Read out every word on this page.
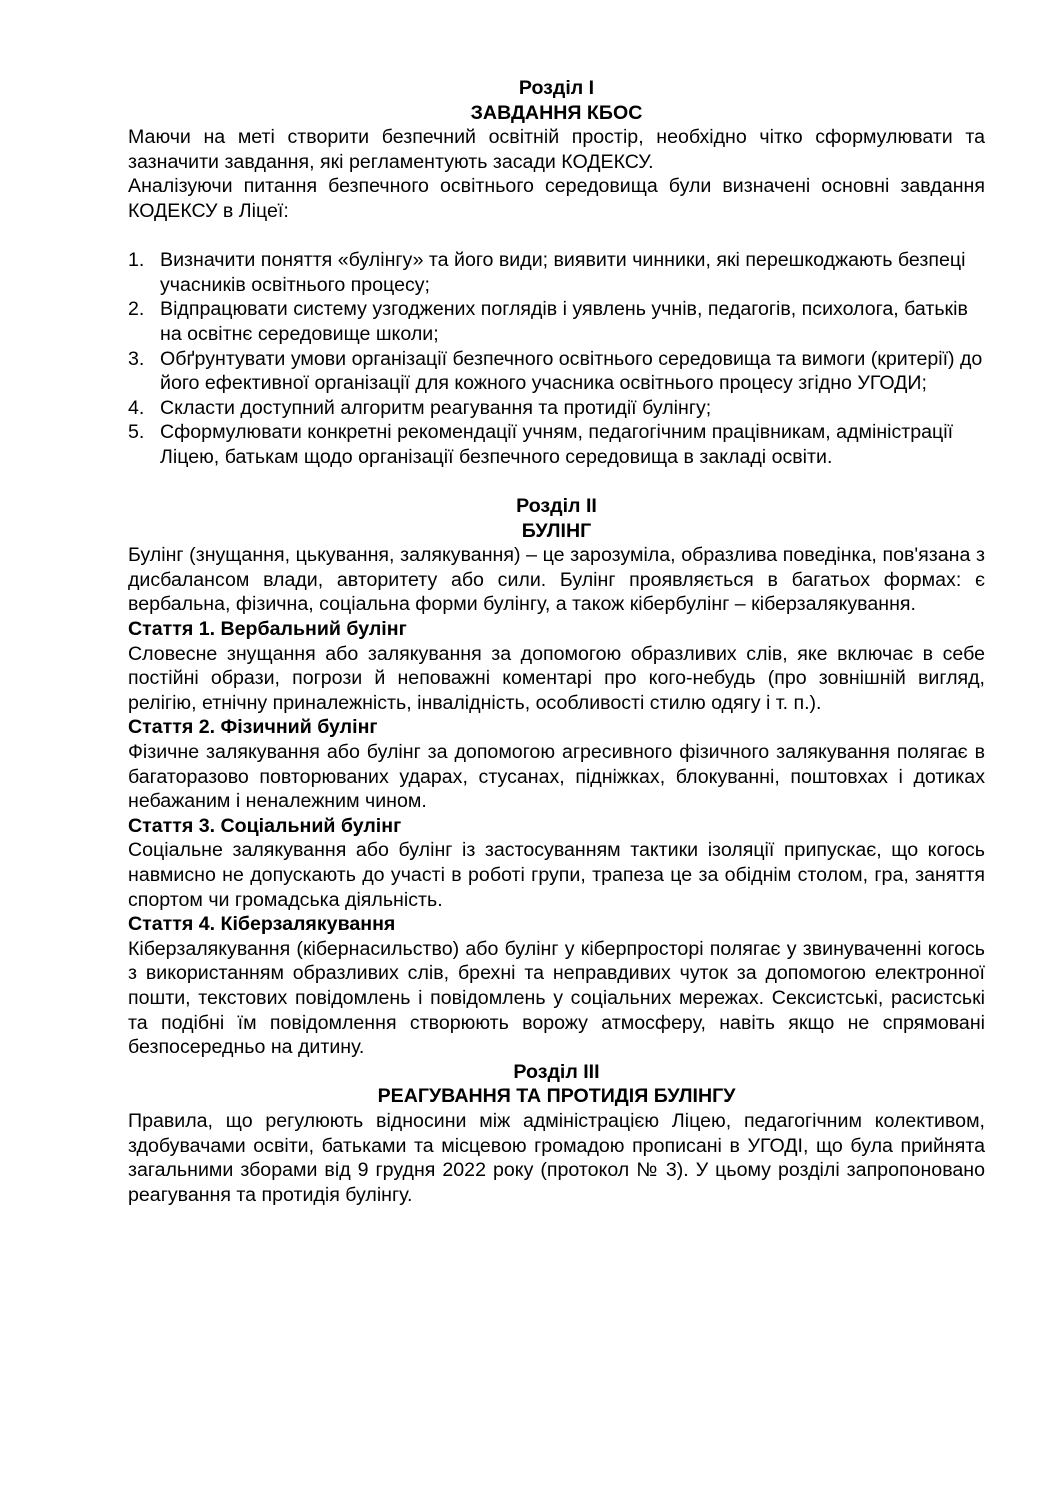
Розділ I

ЗАВДАННЯ КБОС

Маючи на меті створити безпечний освітній простір, необхідно чітко сформулювати та зазначити завдання, які регламентують засади КОДЕКСУ.

Аналізуючи питання безпечного освітнього середовища були визначені основні завдання КОДЕКСУ в Ліцеї:

1. Визначити поняття «булінгу» та його види; виявити чинники, які перешкоджають безпеці учасників освітнього процесу;
2. Відпрацювати систему узгоджених поглядів і уявлень учнів, педагогів, психолога, батьків на освітнє середовище школи;
3. Обґрунтувати умови організації безпечного освітнього середовища та вимоги (критерії) до його ефективної організації для кожного учасника освітнього процесу згідно УГОДИ;
4. Скласти доступний алгоритм реагування та протидії булінгу;
5. Сформулювати конкретні рекомендації учням, педагогічним працівникам, адміністрації Ліцею, батькам щодо організації безпечного середовища в закладі освіти.

Розділ II

БУЛІНГ

Булінг (знущання, цькування, залякування) – це зарозуміла, образлива поведінка, пов'язана з дисбалансом влади, авторитету або сили. Булінг проявляється в багатьох формах: є вербальна, фізична, соціальна форми булінгу, а також кібербулінг – кіберзалякування.

Стаття 1. Вербальний булінг

Словесне знущання або залякування за допомогою образливих слів, яке включає в себе постійні образи, погрози й неповажні коментарі про кого-небудь (про зовнішній вигляд, релігію, етнічну приналежність, інвалідність, особливості стилю одягу і т. п.).

Стаття 2. Фізичний булінг

Фізичне залякування або булінг за допомогою агресивного фізичного залякування полягає в багаторазово повторюваних ударах, стусанах, підніжках, блокуванні, поштовхах і дотиках небажаним і неналежним чином.

Стаття 3. Соціальний булінг

Соціальне залякування або булінг із застосуванням тактики ізоляції припускає, що когось навмисно не допускають до участі в роботі групи, трапеза це за обіднім столом, гра, заняття спортом чи громадська діяльність.

Стаття 4. Кіберзалякування

Кіберзалякування (кібернасильство) або булінг у кіберпросторі полягає у звинуваченні когось з використанням образливих слів, брехні та неправдивих чуток за допомогою електронної пошти, текстових повідомлень і повідомлень у соціальних мережах. Сексистські, расистські та подібні їм повідомлення створюють ворожу атмосферу, навіть якщо не спрямовані безпосередньо на дитину.

Розділ III

РЕАГУВАННЯ ТА ПРОТИДІЯ БУЛІНГУ

Правила, що регулюють відносини між адміністрацією Ліцею, педагогічним колективом, здобувачами освіти, батьками та місцевою громадою прописані в УГОДІ, що була прийнята загальними зборами від 9 грудня 2022 року (протокол № 3). У цьому розділі запропоновано реагування та протидія булінгу.
